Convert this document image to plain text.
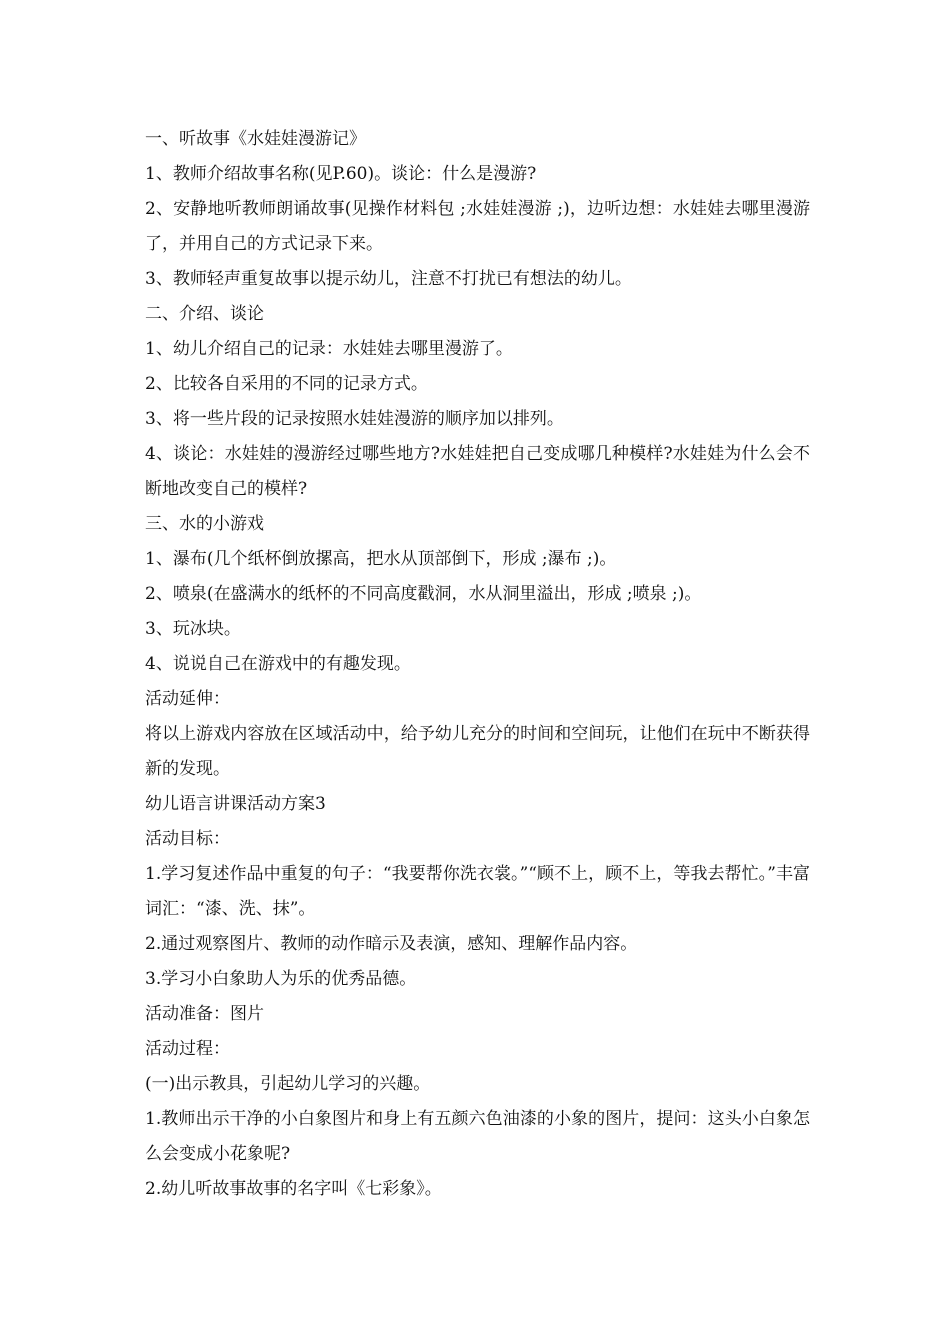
一、听故事《水娃娃漫游记》

1、教师介绍故事名称(见P.60)。谈论：什么是漫游?

2、安静地听教师朗诵故事(见操作材料包 ;水娃娃漫游 ;)，边听边想：水娃娃去哪里漫游了，并用自己的方式记录下来。

3、教师轻声重复故事以提示幼儿，注意不打扰已有想法的幼儿。

二、介绍、谈论

1、幼儿介绍自己的记录：水娃娃去哪里漫游了。

2、比较各自采用的不同的记录方式。

3、将一些片段的记录按照水娃娃漫游的顺序加以排列。

4、谈论：水娃娃的漫游经过哪些地方?水娃娃把自己变成哪几种模样?水娃娃为什么会不断地改变自己的模样?

三、水的小游戏

1、瀑布(几个纸杯倒放摞高，把水从顶部倒下，形成 ;瀑布 ;)。

2、喷泉(在盛满水的纸杯的不同高度戳洞，水从洞里溢出，形成 ;喷泉 ;)。

3、玩冰块。

4、说说自己在游戏中的有趣发现。

活动延伸：

将以上游戏内容放在区域活动中，给予幼儿充分的时间和空间玩，让他们在玩中不断获得新的发现。

幼儿语言讲课活动方案3

活动目标：

1.学习复述作品中重复的句子：“我要帮你洗衣裳。”“顾不上，顾不上，等我去帮忙。”丰富词汇：“漆、洗、抹”。

2.通过观察图片、教师的动作暗示及表演，感知、理解作品内容。

3.学习小白象助人为乐的优秀品德。

活动准备：图片

活动过程：

(一)出示教具，引起幼儿学习的兴趣。

1.教师出示干净的小白象图片和身上有五颜六色油漆的小象的图片，提问：这头小白象怎么会变成小花象呢?

2.幼儿听故事故事的名字叫《七彩象》。
